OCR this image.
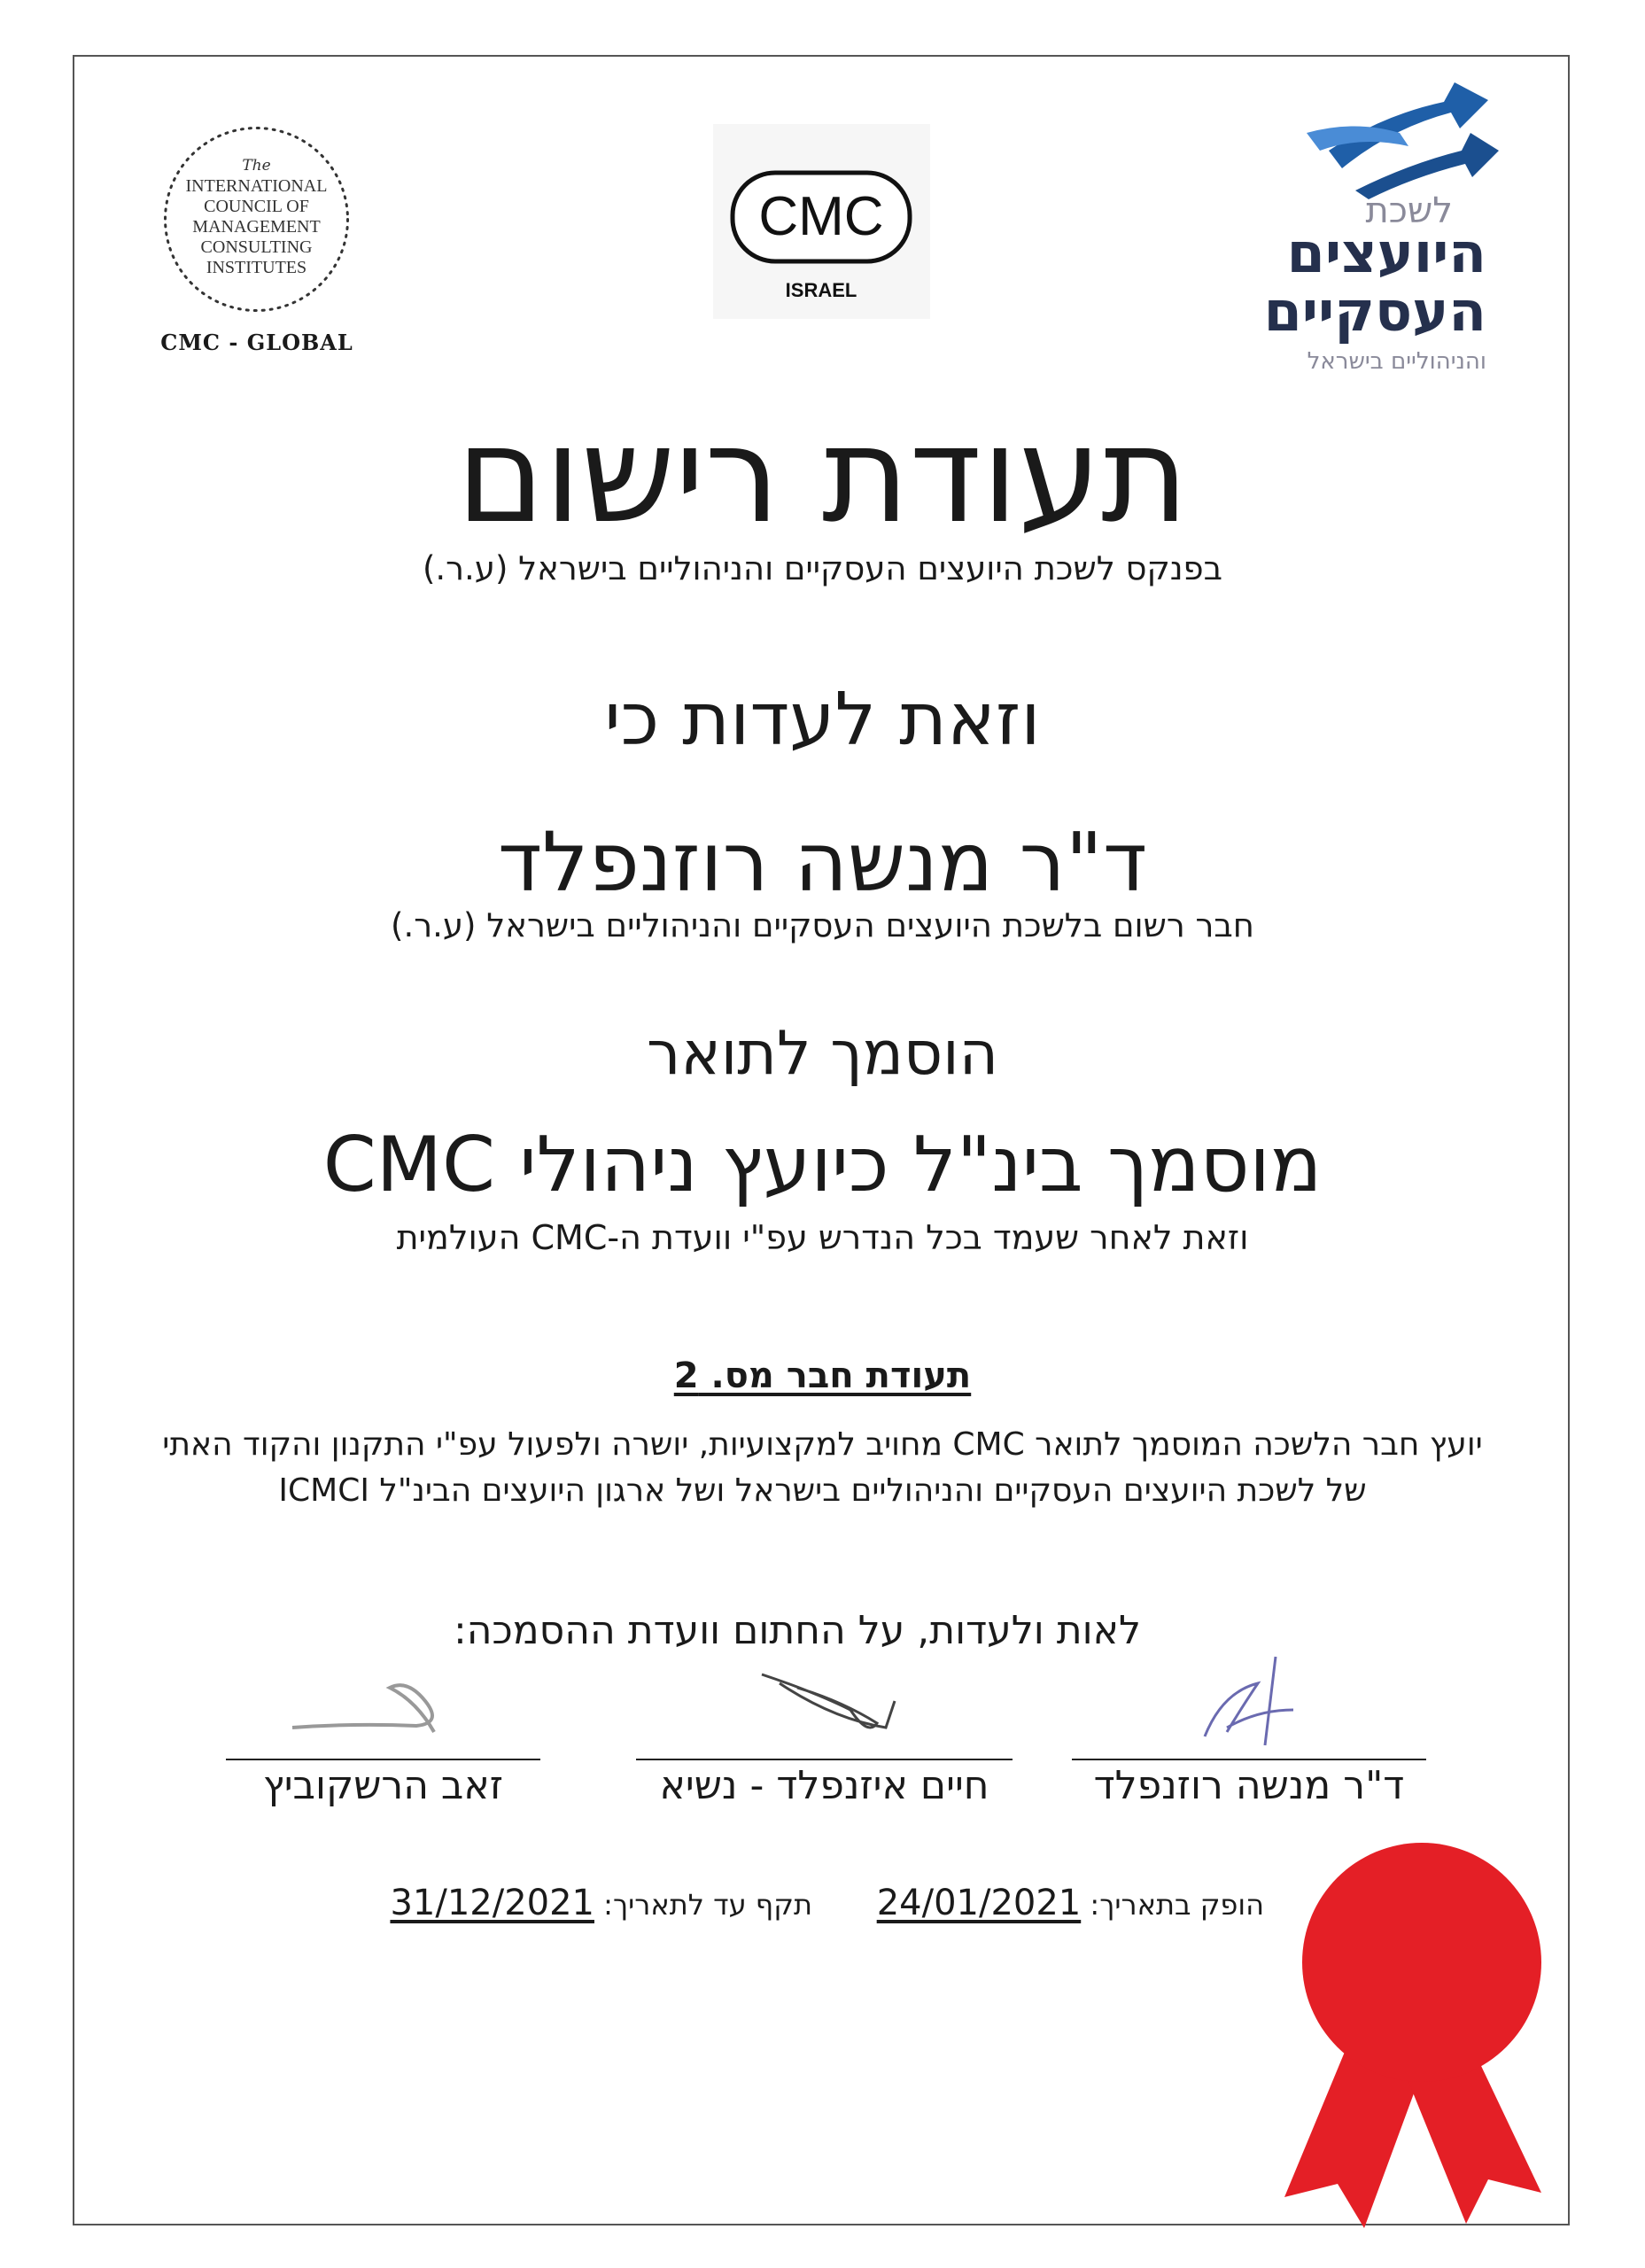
The
INTERNATIONAL
COUNCIL OF
MANAGEMENT
CONSULTING
INSTITUTES
CMC - GLOBAL
CMC
ISRAEL
לשכת
היועצים
העסקיים
והניהוליים בישראל
תעודת רישום
בפנקס לשכת היועצים העסקיים והניהוליים בישראל (ע.ר.)
וזאת לעדות כי
ד"ר מנשה רוזנפלד
חבר רשום בלשכת היועצים העסקיים והניהוליים בישראל (ע.ר.)
הוסמך לתואר
מוסמך בינ"ל כיועץ ניהולי CMC
וזאת לאחר שעמד בכל הנדרש עפ"י וועדת ה-CMC העולמית
תעודת חבר מס. 2
יועץ חבר הלשכה המוסמך לתואר CMC מחויב למקצועיות, יושרה ולפעול עפ"י התקנון והקוד האתי
של לשכת היועצים העסקיים והניהוליים בישראל ושל ארגון היועצים הבינ"ל ICMCI
לאות ולעדות, על החתום וועדת ההסמכה:
ד"ר מנשה רוזנפלד
חיים איזנפלד - נשיא
זאב הרשקוביץ
הופק בתאריך: 24/01/2021
תקף עד לתאריך: 31/12/2021
